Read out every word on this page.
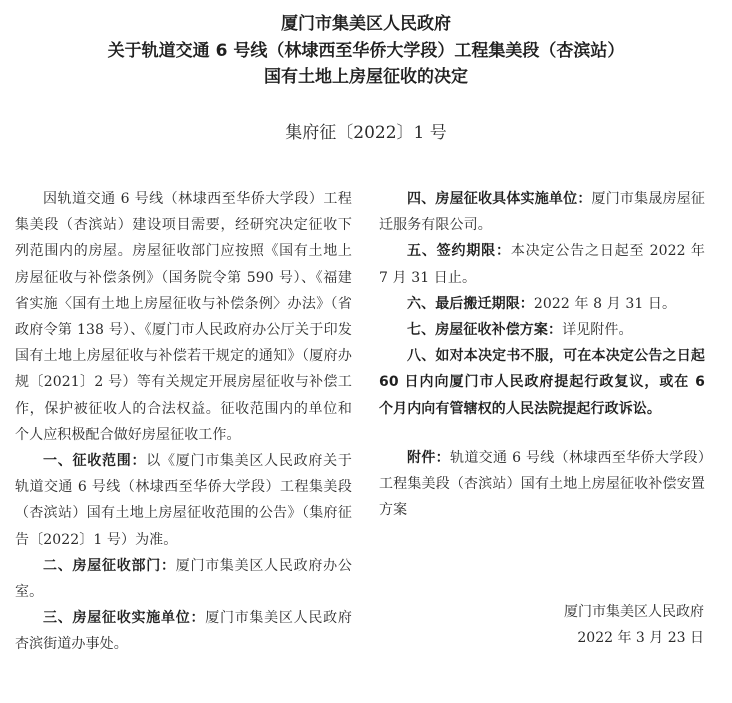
厦门市集美区人民政府
关于轨道交通 6 号线（林埭西至华侨大学段）工程集美段（杏滨站）
国有土地上房屋征收的决定
集府征〔2022〕1 号

因轨道交通 6 号线（林埭西至华侨大学段）工程集美段（杏滨站）建设项目需要，经研究决定征收下列范围内的房屋。房屋征收部门应按照《国有土地上房屋征收与补偿条例》（国务院令第 590 号）、《福建省实施〈国有土地上房屋征收与补偿条例〉办法》（省政府令第 138 号）、《厦门市人民政府办公厅关于印发国有土地上房屋征收与补偿若干规定的通知》（厦府办规〔2021〕2 号）等有关规定开展房屋征收与补偿工作，保护被征收人的合法权益。征收范围内的单位和个人应积极配合做好房屋征收工作。

一、征收范围：以《厦门市集美区人民政府关于轨道交通 6 号线（林埭西至华侨大学段）工程集美段（杏滨站）国有土地上房屋征收范围的公告》（集府征告〔2022〕1 号）为准。

二、房屋征收部门：厦门市集美区人民政府办公室。

三、房屋征收实施单位：厦门市集美区人民政府杏滨街道办事处。

四、房屋征收具体实施单位：厦门市集晟房屋征迁服务有限公司。

五、签约期限：本决定公告之日起至 2022 年 7 月 31 日止。

六、最后搬迁期限：2022 年 8 月 31 日。

七、房屋征收补偿方案：详见附件。

八、如对本决定书不服，可在本决定公告之日起 60 日内向厦门市人民政府提起行政复议，或在 6 个月内向有管辖权的人民法院提起行政诉讼。

附件：轨道交通 6 号线（林埭西至华侨大学段）工程集美段（杏滨站）国有土地上房屋征收补偿安置方案

厦门市集美区人民政府
2022 年 3 月 23 日
